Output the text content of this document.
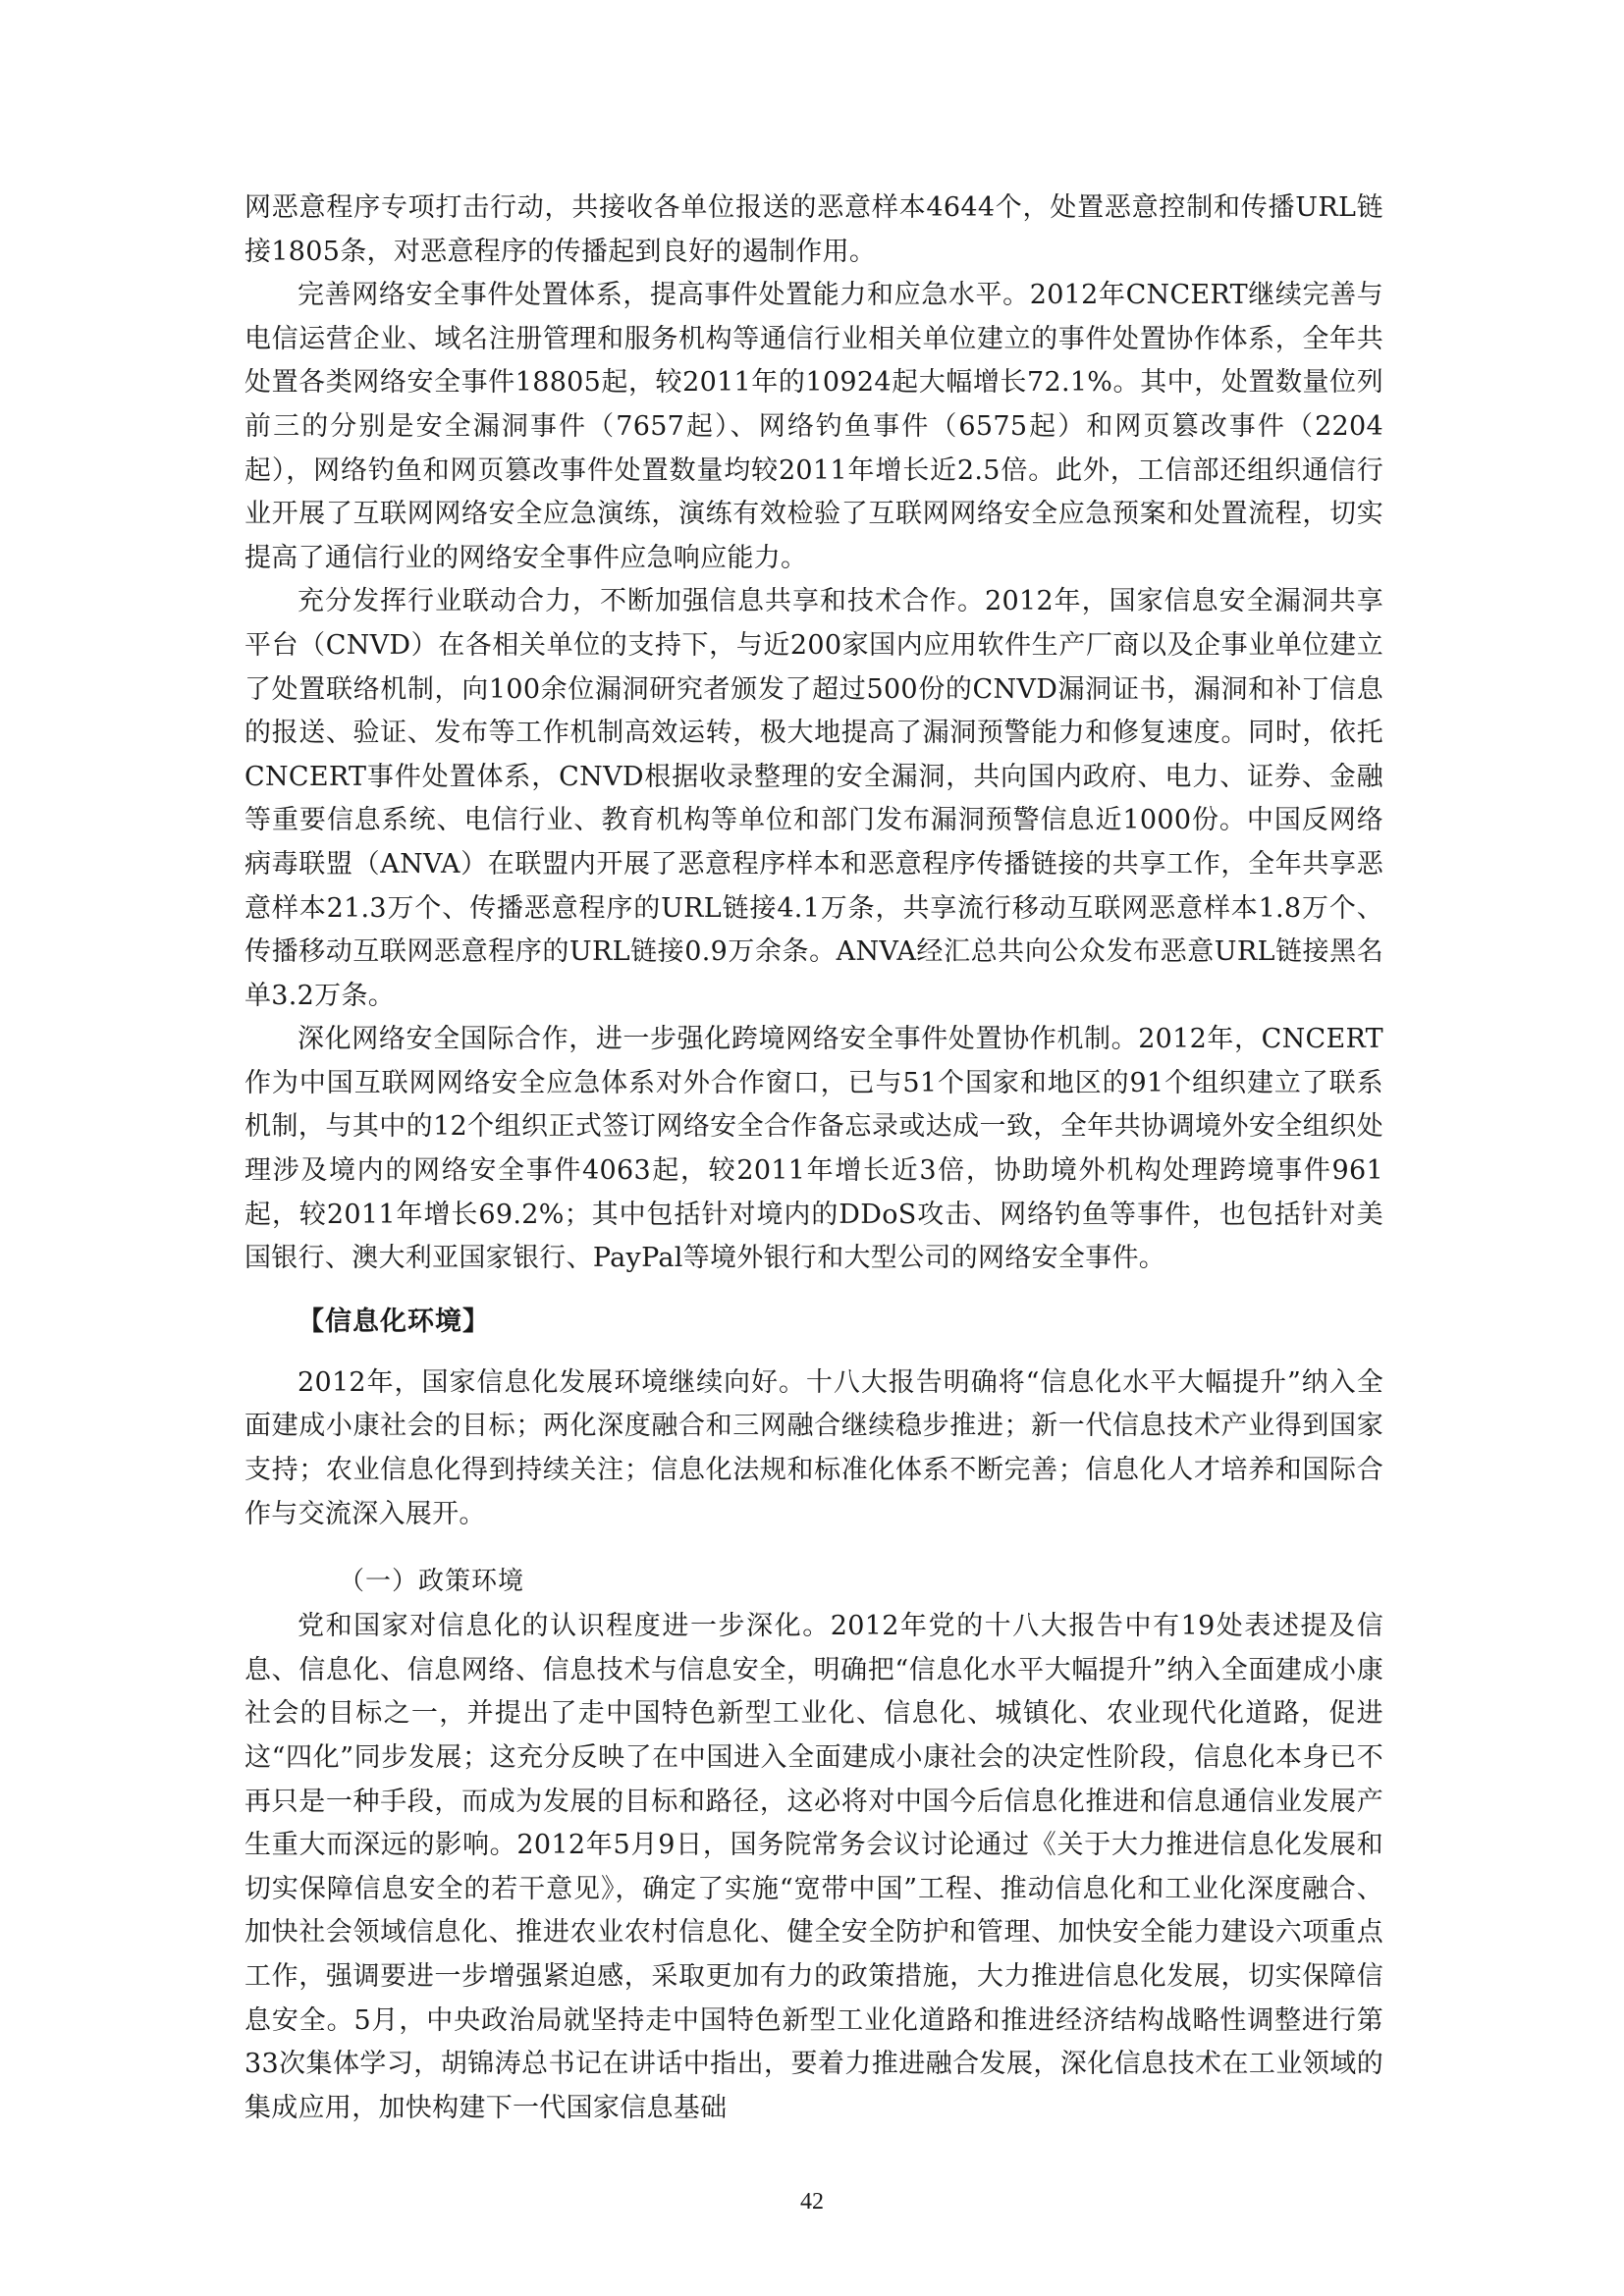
网恶意程序专项打击行动，共接收各单位报送的恶意样本4644个，处置恶意控制和传播URL链接1805条，对恶意程序的传播起到良好的遏制作用。

完善网络安全事件处置体系，提高事件处置能力和应急水平。2012年CNCERT继续完善与电信运营企业、域名注册管理和服务机构等通信行业相关单位建立的事件处置协作体系，全年共处置各类网络安全事件18805起，较2011年的10924起大幅增长72.1%。其中，处置数量位列前三的分别是安全漏洞事件（7657起）、网络钓鱼事件（6575起）和网页篡改事件（2204起），网络钓鱼和网页篡改事件处置数量均较2011年增长近2.5倍。此外，工信部还组织通信行业开展了互联网网络安全应急演练，演练有效检验了互联网网络安全应急预案和处置流程，切实提高了通信行业的网络安全事件应急响应能力。

充分发挥行业联动合力，不断加强信息共享和技术合作。2012年，国家信息安全漏洞共享平台（CNVD）在各相关单位的支持下，与近200家国内应用软件生产厂商以及企事业单位建立了处置联络机制，向100余位漏洞研究者颁发了超过500份的CNVD漏洞证书，漏洞和补丁信息的报送、验证、发布等工作机制高效运转，极大地提高了漏洞预警能力和修复速度。同时，依托CNCERT事件处置体系，CNVD根据收录整理的安全漏洞，共向国内政府、电力、证券、金融等重要信息系统、电信行业、教育机构等单位和部门发布漏洞预警信息近1000份。中国反网络病毒联盟（ANVA）在联盟内开展了恶意程序样本和恶意程序传播链接的共享工作，全年共享恶意样本21.3万个、传播恶意程序的URL链接4.1万条，共享流行移动互联网恶意样本1.8万个、传播移动互联网恶意程序的URL链接0.9万余条。ANVA经汇总共向公众发布恶意URL链接黑名单3.2万条。

深化网络安全国际合作，进一步强化跨境网络安全事件处置协作机制。2012年，CNCERT作为中国互联网网络安全应急体系对外合作窗口，已与51个国家和地区的91个组织建立了联系机制，与其中的12个组织正式签订网络安全合作备忘录或达成一致，全年共协调境外安全组织处理涉及境内的网络安全事件4063起，较2011年增长近3倍，协助境外机构处理跨境事件961起，较2011年增长69.2%；其中包括针对境内的DDoS攻击、网络钓鱼等事件，也包括针对美国银行、澳大利亚国家银行、PayPal等境外银行和大型公司的网络安全事件。

【信息化环境】

2012年，国家信息化发展环境继续向好。十八大报告明确将“信息化水平大幅提升”纳入全面建成小康社会的目标；两化深度融合和三网融合继续稳步推进；新一代信息技术产业得到国家支持；农业信息化得到持续关注；信息化法规和标准化体系不断完善；信息化人才培养和国际合作与交流深入展开。

（一）政策环境

党和国家对信息化的认识程度进一步深化。2012年党的十八大报告中有19处表述提及信息、信息化、信息网络、信息技术与信息安全，明确把“信息化水平大幅提升”纳入全面建成小康社会的目标之一，并提出了走中国特色新型工业化、信息化、城镇化、农业现代化道路，促进这“四化”同步发展；这充分反映了在中国进入全面建成小康社会的决定性阶段，信息化本身已不再只是一种手段，而成为发展的目标和路径，这必将对中国今后信息化推进和信息通信业发展产生重大而深远的影响。2012年5月9日，国务院常务会议讨论通过《关于大力推进信息化发展和切实保障信息安全的若干意见》，确定了实施“宽带中国”工程、推动信息化和工业化深度融合、加快社会领域信息化、推进农业农村信息化、健全安全防护和管理、加快安全能力建设六项重点工作，强调要进一步增强紧迫感，采取更加有力的政策措施，大力推进信息化发展，切实保障信息安全。5月，中央政治局就坚持走中国特色新型工业化道路和推进经济结构战略性调整进行第33次集体学习，胡锦涛总书记在讲话中指出，要着力推进融合发展，深化信息技术在工业领域的集成应用，加快构建下一代国家信息基础

42
